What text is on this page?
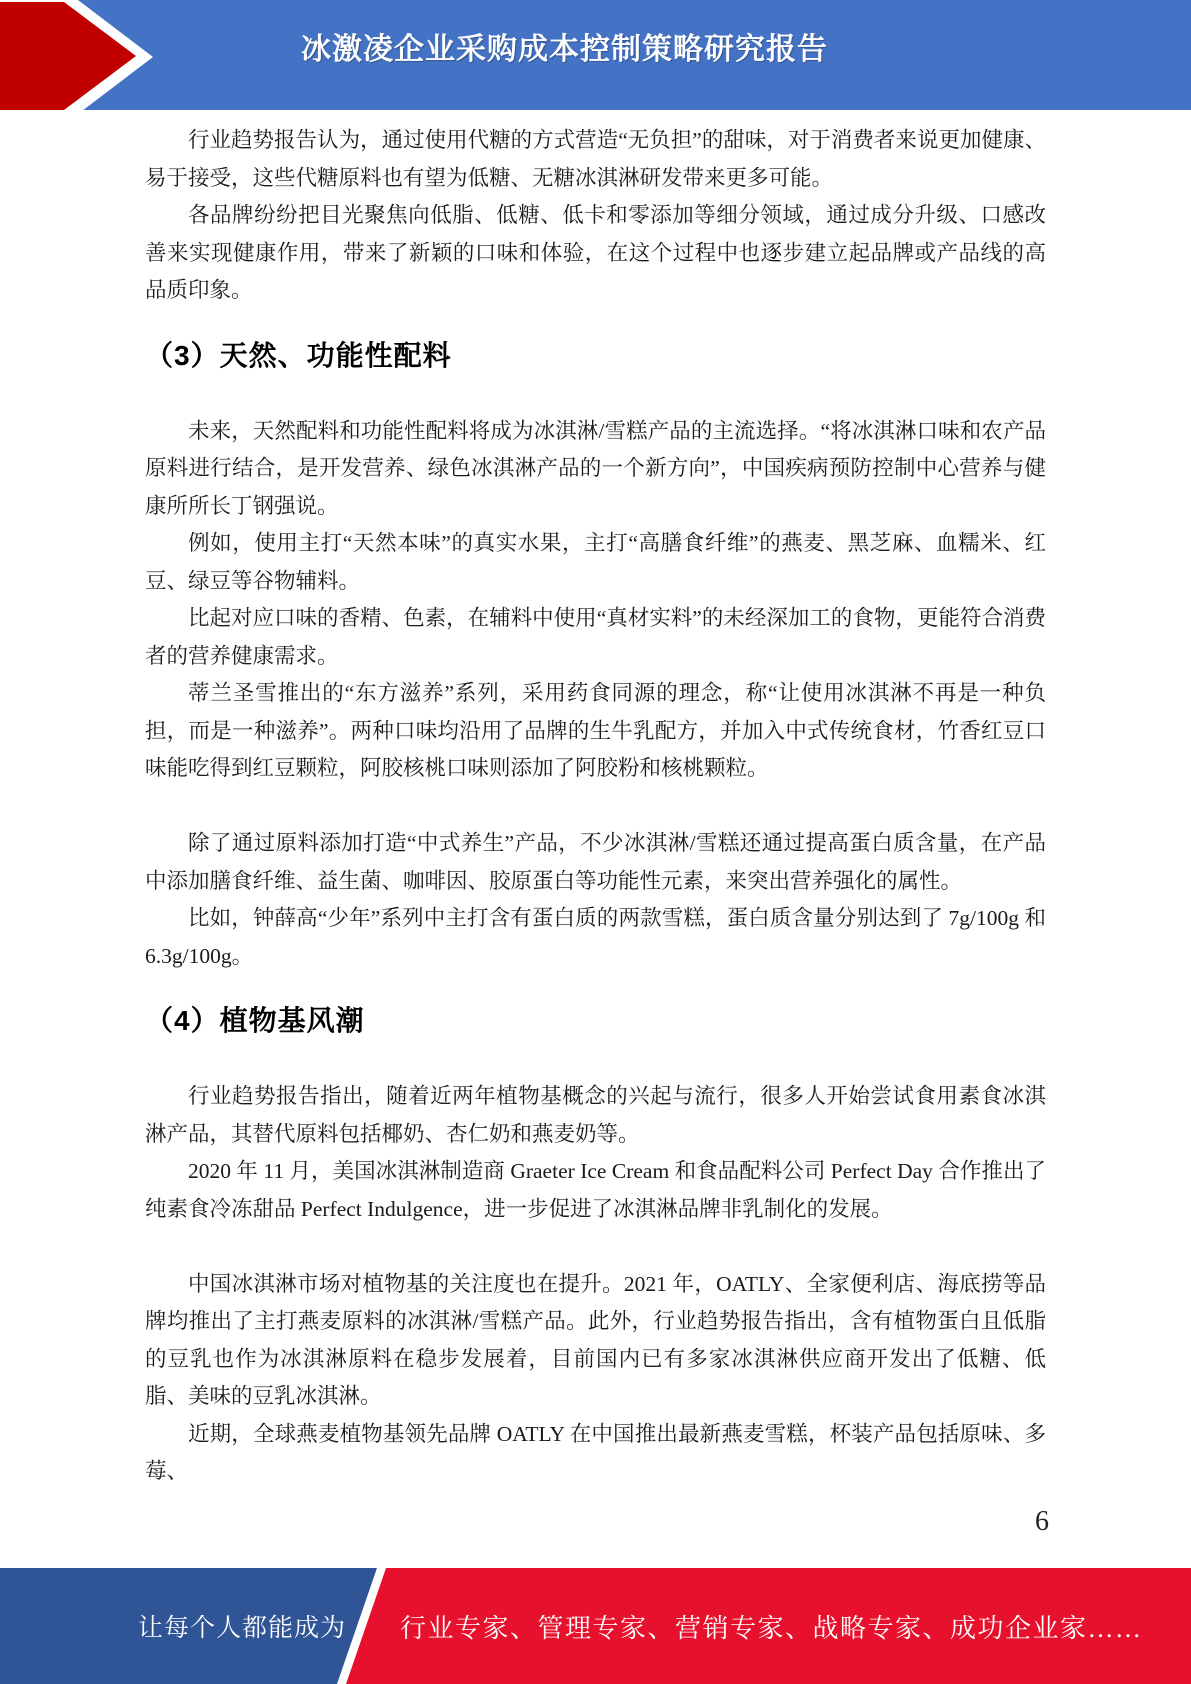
冰激凌企业采购成本控制策略研究报告

行业趋势报告认为，通过使用代糖的方式营造“无负担”的甜味，对于消费者来说更加健康、易于接受，这些代糖原料也有望为低糖、无糖冰淇淋研发带来更多可能。

各品牌纷纷把目光聚焦向低脂、低糖、低卡和零添加等细分领域，通过成分升级、口感改善来实现健康作用，带来了新颖的口味和体验，在这个过程中也逐步建立起品牌或产品线的高品质印象。

（3）天然、功能性配料

未来，天然配料和功能性配料将成为冰淇淋/雪糕产品的主流选择。“将冰淇淋口味和农产品原料进行结合，是开发营养、绿色冰淇淋产品的一个新方向”，中国疾病预防控制中心营养与健康所所长丁钢强说。

例如，使用主打“天然本味”的真实水果，主打“高膳食纤维”的燕麦、黑芝麻、血糯米、红豆、绿豆等谷物辅料。

比起对应口味的香精、色素，在辅料中使用“真材实料”的未经深加工的食物，更能符合消费者的营养健康需求。

蒂兰圣雪推出的“东方滋养”系列，采用药食同源的理念，称“让使用冰淇淋不再是一种负担，而是一种滋养”。两种口味均沿用了品牌的生牛乳配方，并加入中式传统食材，竹香红豆口味能吃得到红豆颗粒，阿胶核桃口味则添加了阿胶粉和核桃颗粒。

除了通过原料添加打造“中式养生”产品，不少冰淇淋/雪糕还通过提高蛋白质含量，在产品中添加膳食纤维、益生菌、咖啡因、胶原蛋白等功能性元素，来突出营养强化的属性。

比如，钟薛高“少年”系列中主打含有蛋白质的两款雪糕，蛋白质含量分别达到了 7g/100g 和 6.3g/100g。

（4）植物基风潮

行业趋势报告指出，随着近两年植物基概念的兴起与流行，很多人开始尝试食用素食冰淇淋产品，其替代原料包括椰奶、杏仁奶和燕麦奶等。

2020 年 11 月，美国冰淇淋制造商 Graeter Ice Cream 和食品配料公司 Perfect Day 合作推出了纯素食冷冻甜品 Perfect Indulgence，进一步促进了冰淇淋品牌非乳制化的发展。

中国冰淇淋市场对植物基的关注度也在提升。2021 年，OATLY、全家便利店、海底捞等品牌均推出了主打燕麦原料的冰淇淋/雪糕产品。此外，行业趋势报告指出，含有植物蛋白且低脂的豆乳也作为冰淇淋原料在稳步发展着，目前国内已有多家冰淇淋供应商开发出了低糖、低脂、美味的豆乳冰淇淋。

近期，全球燕麦植物基领先品牌 OATLY 在中国推出最新燕麦雪糕，杯装产品包括原味、多莓、

6
让每个人都能成为 行业专家、管理专家、营销专家、战略专家、成功企业家……
